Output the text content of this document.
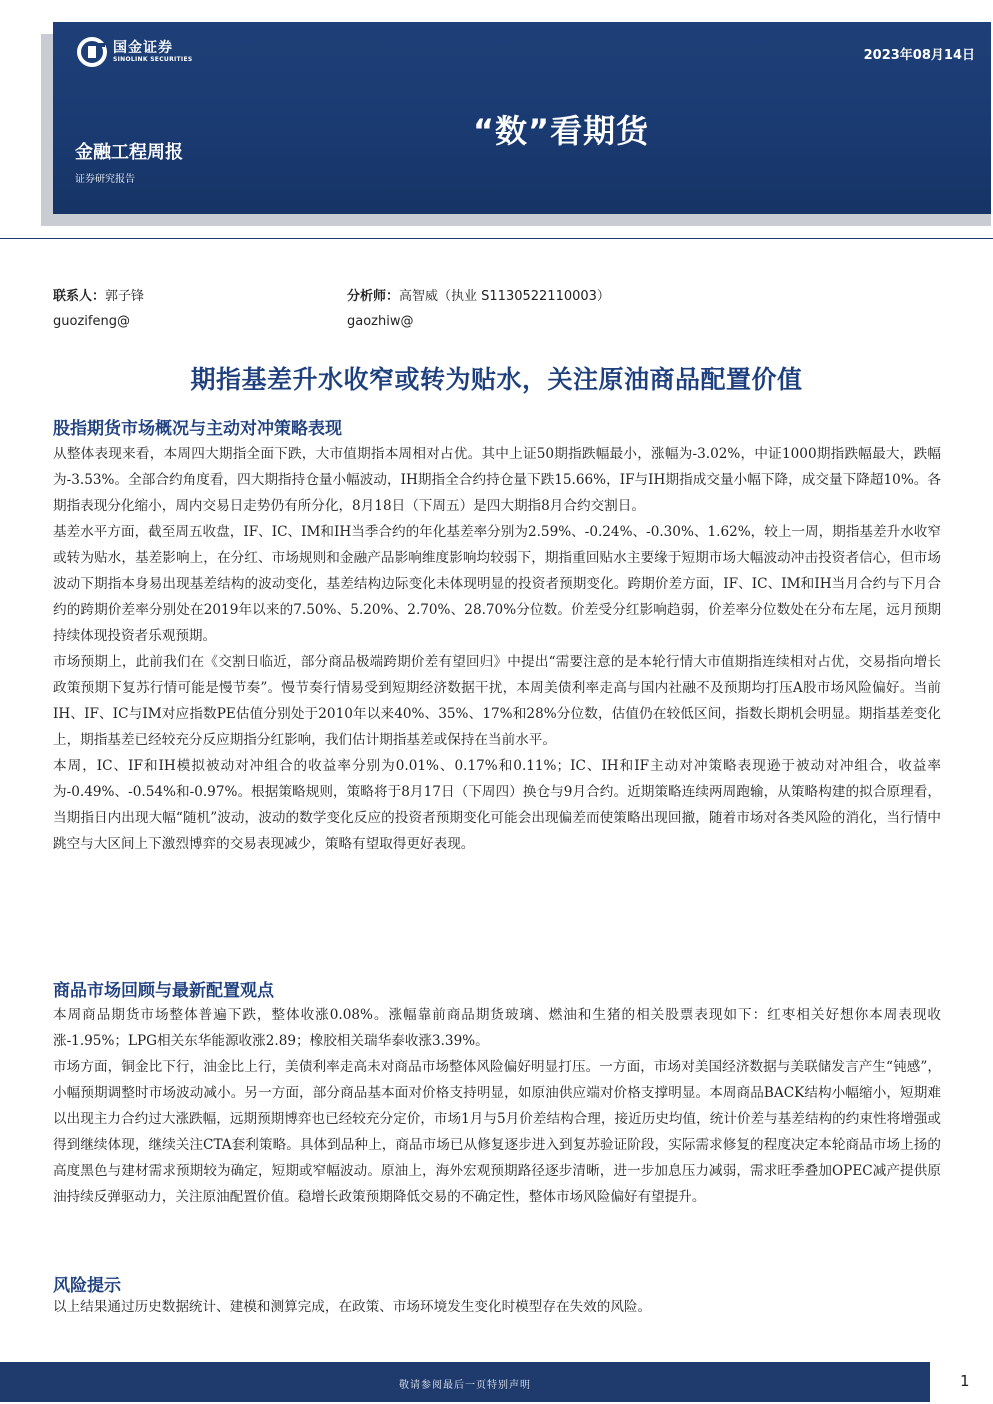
国金证券
SINOLINK SECURITIES	2023年08月14日
“数”看期货
金融工程周报
证券研究报告
联系人：郭子锋
guozifeng@
分析师：高智威（执业 S1130522110003）
gaozhiw@
期指基差升水收窄或转为贴水，关注原油商品配置价值
股指期货市场概况与主动对冲策略表现

从整体表现来看，本周四大期指全面下跌，大市值期指本周相对占优。其中上证50期指跌幅最小，涨幅为-3.02%，中证1000期指跌幅最大，跌幅为-3.53%。全部合约角度看，四大期指持仓量小幅波动，IH期指全合约持仓量下跌15.66%，IF与IH期指成交量小幅下降，成交量下降超10%。各期指表现分化缩小，周内交易日走势仍有所分化，8月18日（下周五）是四大期指8月合约交割日。

基差水平方面，截至周五收盘，IF、IC、IM和IH当季合约的年化基差率分别为2.59%、-0.24%、-0.30%、1.62%，较上一周，期指基差升水收窄或转为贴水，基差影响上，在分红、市场规则和金融产品影响维度影响均较弱下，期指重回贴水主要缘于短期市场大幅波动冲击投资者信心，但市场波动下期指本身易出现基差结构的波动变化，基差结构边际变化未体现明显的投资者预期变化。跨期价差方面，IF、IC、IM和IH当月合约与下月合约的跨期价差率分别处在2019年以来的7.50%、5.20%、2.70%、28.70%分位数。价差受分红影响趋弱，价差率分位数处在分布左尾，远月预期持续体现投资者乐观预期。

市场预期上，此前我们在《交割日临近，部分商品极端跨期价差有望回归》中提出“需要注意的是本轮行情大市值期指连续相对占优，交易指向增长政策预期下复苏行情可能是慢节奏”。慢节奏行情易受到短期经济数据干扰，本周美债利率走高与国内社融不及预期均打压A股市场风险偏好。当前IH、IF、IC与IM对应指数PE估值分别处于2010年以来40%、35%、17%和28%分位数，估值仍在较低区间，指数长期机会明显。期指基差变化上，期指基差已经较充分反应期指分红影响，我们估计期指基差或保持在当前水平。

本周，IC、IF和IH模拟被动对冲组合的收益率分别为0.01%、0.17%和0.11%；IC、IH和IF主动对冲策略表现逊于被动对冲组合，收益率为-0.49%、-0.54%和-0.97%。根据策略规则，策略将于8月17日（下周四）换仓与9月合约。近期策略连续两周跑输，从策略构建的拟合原理看，当期指日内出现大幅“随机”波动，波动的数学变化反应的投资者预期变化可能会出现偏差而使策略出现回撤，随着市场对各类风险的消化，当行情中跳空与大区间上下激烈博弈的交易表现减少，策略有望取得更好表现。

商品市场回顾与最新配置观点

本周商品期货市场整体普遍下跌，整体收涨0.08%。涨幅靠前商品期货玻璃、燃油和生猪的相关股票表现如下：红枣相关好想你本周表现收涨-1.95%；LPG相关东华能源收涨2.89；橡胶相关瑞华泰收涨3.39%。

市场方面，铜金比下行，油金比上行，美债利率走高未对商品市场整体风险偏好明显打压。一方面，市场对美国经济数据与美联储发言产生“钝感”，小幅预期调整时市场波动减小。另一方面，部分商品基本面对价格支持明显，如原油供应端对价格支撑明显。本周商品BACK结构小幅缩小，短期难以出现主力合约过大涨跌幅，远期预期博弈也已经较充分定价，市场1月与5月价差结构合理，接近历史均值，统计价差与基差结构的约束性将增强或得到继续体现，继续关注CTA套利策略。具体到品种上，商品市场已从修复逐步进入到复苏验证阶段，实际需求修复的程度决定本轮商品市场上扬的高度黑色与建材需求预期较为确定，短期或窄幅波动。原油上，海外宏观预期路径逐步清晰，进一步加息压力减弱，需求旺季叠加OPEC减产提供原油持续反弹驱动力，关注原油配置价值。稳增长政策预期降低交易的不确定性，整体市场风险偏好有望提升。

风险提示

以上结果通过历史数据统计、建模和测算完成，在政策、市场环境发生变化时模型存在失效的风险。

敬请参阅最后一页特别声明	1
